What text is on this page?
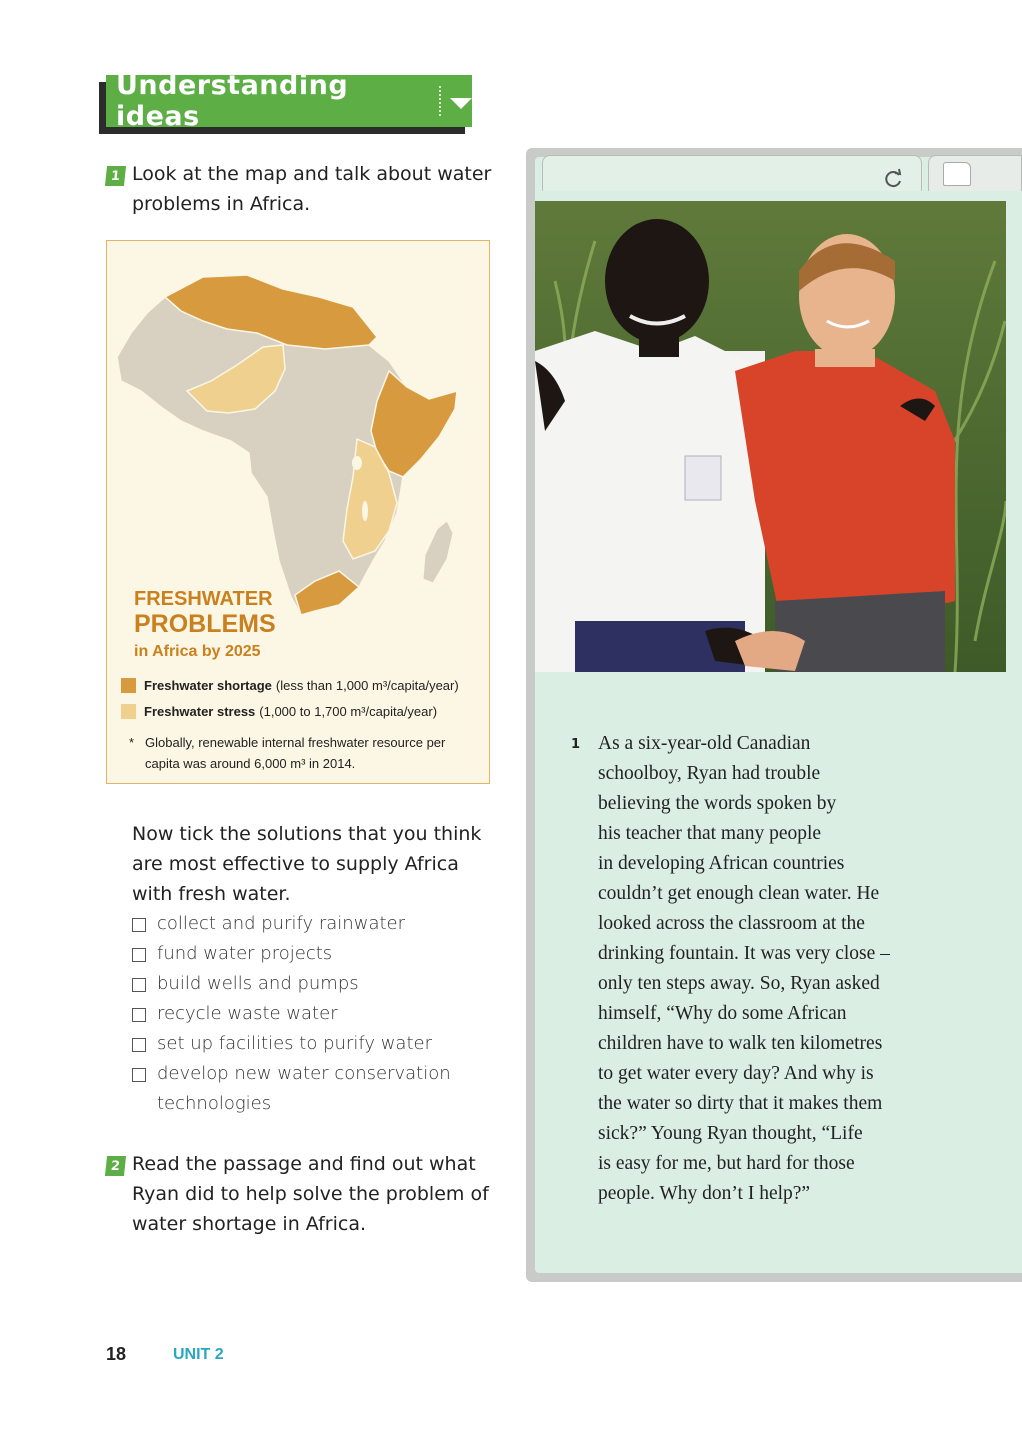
Understanding ideas
1 Look at the map and talk about water
problems in Africa.
FRESHWATER
PROBLEMS
in Africa by 2025
Freshwater shortage (less than 1,000 m³/capita/year)
Freshwater stress (1,000 to 1,700 m³/capita/year)
* Globally, renewable internal freshwater resource per
capita was around 6,000 m³ in 2014.
Now tick the solutions that you think
are most effective to supply Africa
with fresh water.
collect and purify rainwater
fund water projects
build wells and pumps
recycle waste water
set up facilities to purify water
develop new water conservation technologies
2 Read the passage and find out what
Ryan did to help solve the problem of
water shortage in Africa.
1 As a six-year-old Canadian
schoolboy, Ryan had trouble
believing the words spoken by
his teacher that many people
in developing African countries
couldn’t get enough clean water. He
looked across the classroom at the
drinking fountain. It was very close –
only ten steps away. So, Ryan asked
himself, “Why do some African
children have to walk ten kilometres
to get water every day? And why is
the water so dirty that it makes them
sick?” Young Ryan thought, “Life
is easy for me, but hard for those
people. Why don’t I help?”
18	UNIT 2
